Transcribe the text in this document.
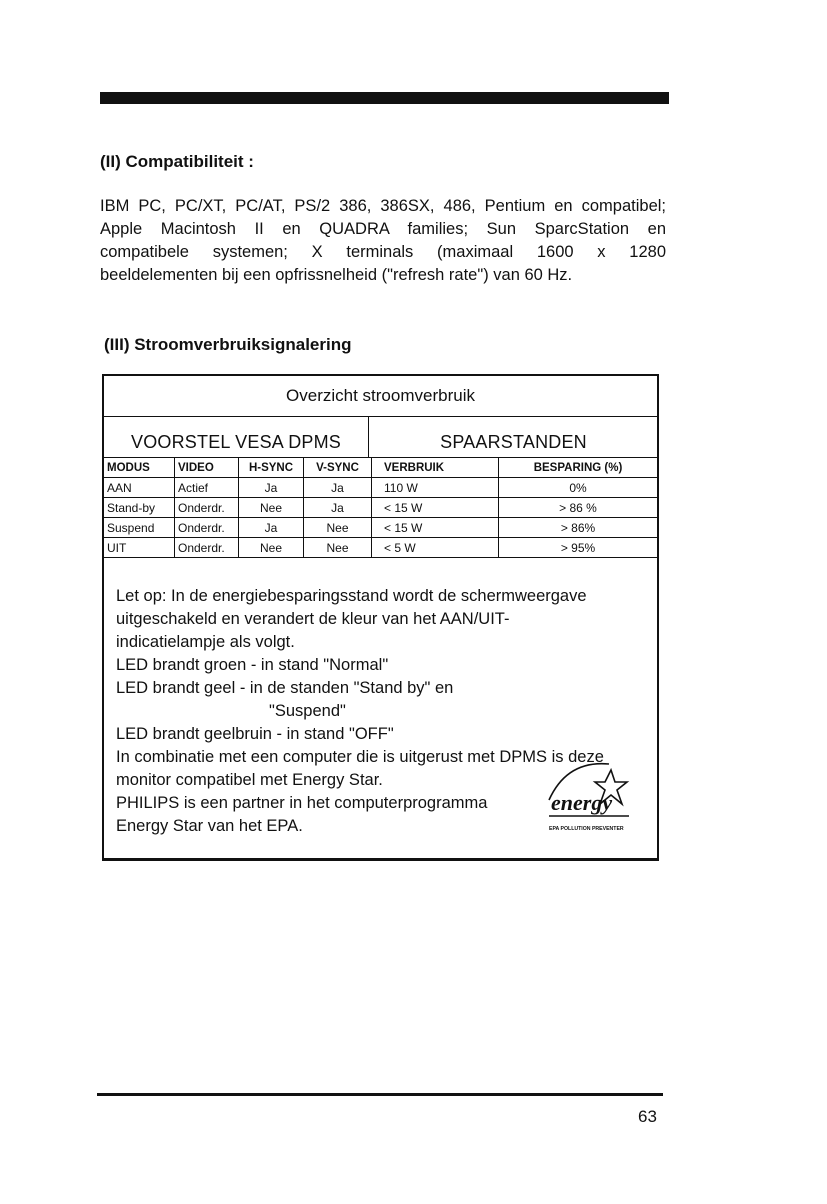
(II) Compatibiliteit :

IBM PC, PC/XT, PC/AT, PS/2 386, 386SX, 486, Pentium en compatibel;
Apple Macintosh II en QUADRA families; Sun SparcStation en
compatibele systemen; X terminals (maximaal 1600 x 1280
beeldelementen bij een opfrissnelheid ("refresh rate") van 60 Hz.

(III) Stroomverbruiksignalering
Overzicht stroomverbruik
VOORSTEL VESA DPMS	SPAARSTANDEN
MODUS	VIDEO	H-SYNC	V-SYNC	VERBRUIK	BESPARING (%)
AAN	Actief	Ja	Ja	110 W	0%
Stand-by	Onderdr.	Nee	Ja	< 15 W	> 86 %
Suspend	Onderdr.	Ja	Nee	< 15 W	> 86%
UIT	Onderdr.	Nee	Nee	< 5 W	> 95%
Let op: In de energiebesparingsstand wordt de schermweergave
uitgeschakeld en verandert de kleur van het AAN/UIT-
indicatielampje als volgt.
LED brandt groen - in stand "Normal"
LED brandt geel - in de standen "Stand by" en
"Suspend"
LED brandt geelbruin - in stand "OFF"
In combinatie met een computer die is uitgerust met DPMS is deze
monitor compatibel met Energy Star.
PHILIPS is een partner in het computerprogramma
Energy Star van het EPA.
energy
EPA POLLUTION PREVENTER
63
